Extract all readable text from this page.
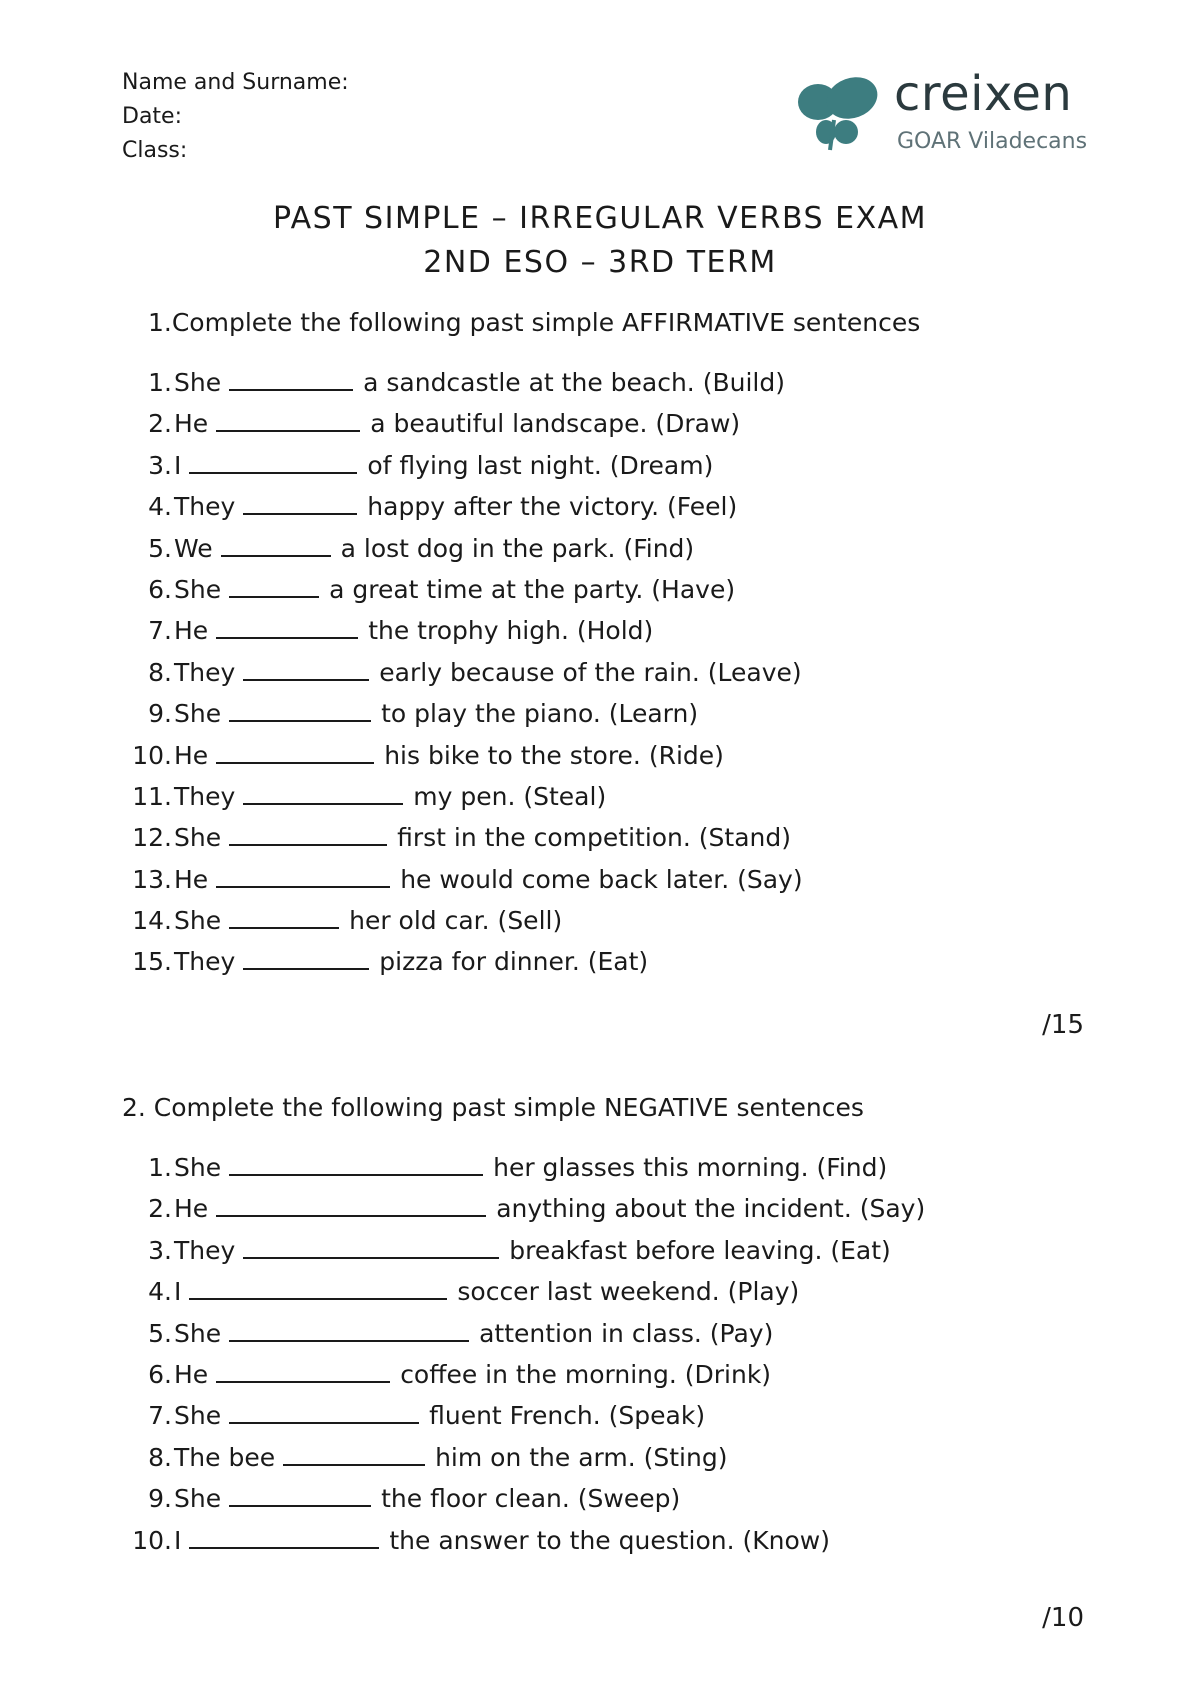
Name and Surname:
Date:
Class:
creixen
GOAR Viladecans
PAST SIMPLE – IRREGULAR VERBS EXAM
2ND ESO – 3RD TERM
1.Complete the following past simple AFFIRMATIVE sentences
1. She	a sandcastle at the beach. (Build)
2. He	a beautiful landscape. (Draw)
3. I	of flying last night. (Dream)
4. They	happy after the victory. (Feel)
5. We	a lost dog in the park. (Find)
6. She	a great time at the party. (Have)
7. He	the trophy high. (Hold)
8. They	early because of the rain. (Leave)
9. She	to play the piano. (Learn)
10. He	his bike to the store. (Ride)
11. They	my pen. (Steal)
12. She	first in the competition. (Stand)
13. He	he would come back later. (Say)
14. She	her old car. (Sell)
15. They	pizza for dinner. (Eat)
/15
2. Complete the following past simple NEGATIVE sentences
1. She	her glasses this morning. (Find)
2. He	anything about the incident. (Say)
3. They	breakfast before leaving. (Eat)
4. I	soccer last weekend. (Play)
5. She	attention in class. (Pay)
6. He	coffee in the morning. (Drink)
7. She	fluent French. (Speak)
8. The bee	him on the arm. (Sting)
9. She	the floor clean. (Sweep)
10. I	the answer to the question. (Know)
/10
